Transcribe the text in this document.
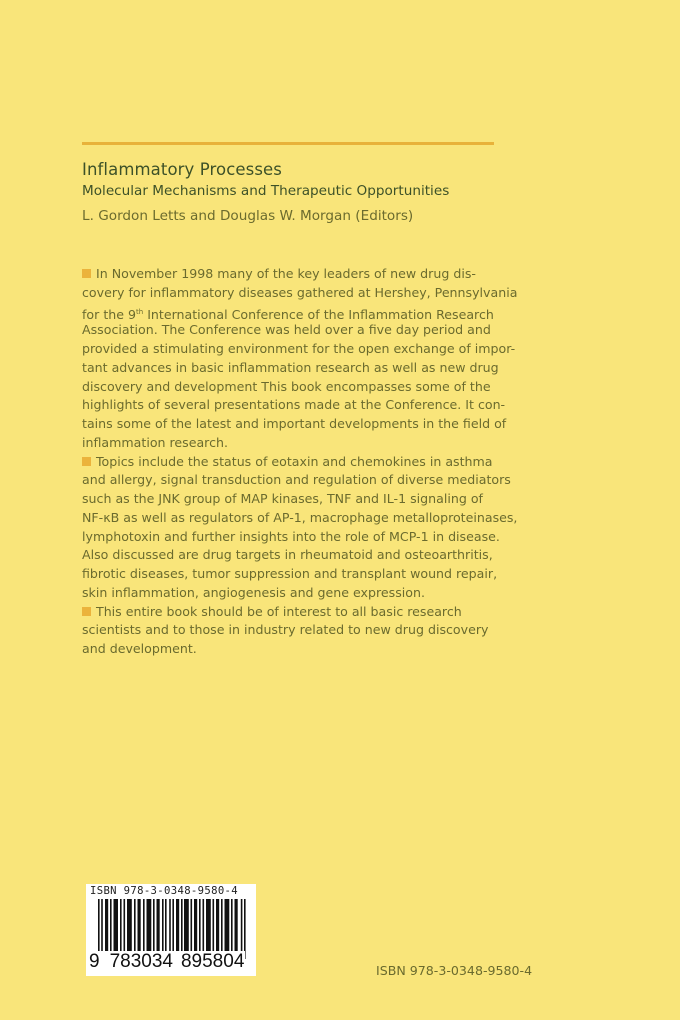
Inflammatory Processes
Molecular Mechanisms and Therapeutic Opportunities
L. Gordon Letts and Douglas W. Morgan (Editors)
In November 1998 many of the key leaders of new drug dis-
covery for inflammatory diseases gathered at Hershey, Pennsylvania
for the 9th International Conference of the Inflammation Research
Association. The Conference was held over a five day period and
provided a stimulating environment for the open exchange of impor-
tant advances in basic inflammation research as well as new drug
discovery and development This book encompasses some of the
highlights of several presentations made at the Conference. It con-
tains some of the latest and important developments in the field of
inflammation research.
Topics include the status of eotaxin and chemokines in asthma
and allergy, signal transduction and regulation of diverse mediators
such as the JNK group of MAP kinases, TNF and IL-1 signaling of
NF-κB as well as regulators of AP-1, macrophage metalloproteinases,
lymphotoxin and further insights into the role of MCP-1 in disease.
Also discussed are drug targets in rheumatoid and osteoarthritis,
fibrotic diseases, tumor suppression and transplant wound repair,
skin inflammation, angiogenesis and gene expression.
This entire book should be of interest to all basic research
scientists and to those in industry related to new drug discovery
and development.
ISBN 978-3-0348-9580-4
9 783034 895804	ISBN 978-3-0348-9580-4
